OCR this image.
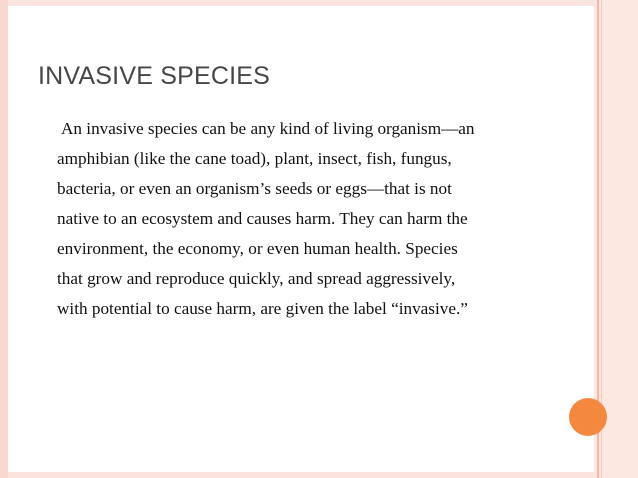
INVASIVE SPECIES
An invasive species can be any kind of living organism—an
amphibian (like the cane toad), plant, insect, fish, fungus,
bacteria, or even an organism’s seeds or eggs—that is not
native to an ecosystem and causes harm. They can harm the
environment, the economy, or even human health. Species
that grow and reproduce quickly, and spread aggressively,
with potential to cause harm, are given the label “invasive.”
